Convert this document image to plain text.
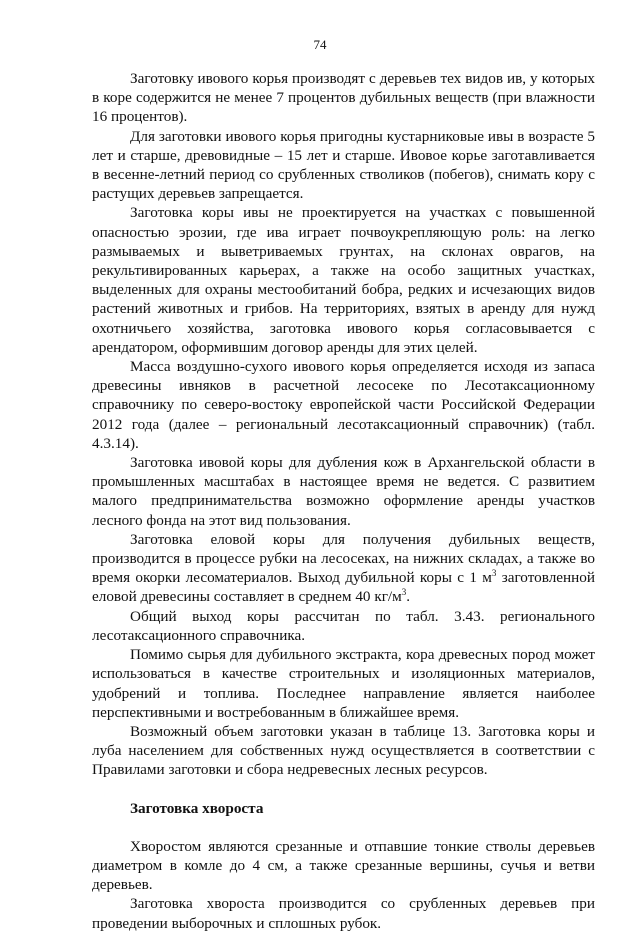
74

Заготовку ивового корья производят с деревьев тех видов ив, у которых в коре содержится не менее 7 процентов дубильных веществ (при влажности 16 процентов).

Для заготовки ивового корья пригодны кустарниковые ивы в возрасте 5 лет и старше, древовидные – 15 лет и старше. Ивовое корье заготавливается в весенне-летний период со срубленных стволиков (побегов), снимать кору с растущих деревьев запрещается.

Заготовка коры ивы не проектируется на участках с повышенной опасностью эрозии, где ива играет почвоукрепляющую роль: на легко размываемых и выветриваемых грунтах, на склонах оврагов, на рекультивированных карьерах, а также на особо защитных участках, выделенных для охраны местообитаний бобра, редких и исчезающих видов растений животных и грибов. На территориях, взятых в аренду для нужд охотничьего хозяйства, заготовка ивового корья согласовывается с арендатором, оформившим договор аренды для этих целей.

Масса воздушно-сухого ивового корья определяется исходя из запаса древесины ивняков в расчетной лесосеке по Лесотаксационному справочнику по северо-востоку европейской части Российской Федерации 2012 года (далее – региональный лесотаксационный справочник) (табл. 4.3.14).

Заготовка ивовой коры для дубления кож в Архангельской области в промышленных масштабах в настоящее время не ведется. С развитием малого предпринимательства возможно оформление аренды участков лесного фонда на этот вид пользования.

Заготовка еловой коры для получения дубильных веществ, производится в процессе рубки на лесосеках, на нижних складах, а также во время окорки лесоматериалов. Выход дубильной коры с 1 $м^3$ заготовленной еловой древесины составляет в среднем 40 $кг/м^3$.

Общий выход коры рассчитан по табл. 3.43. регионального лесотаксационного справочника.

Помимо сырья для дубильного экстракта, кора древесных пород может использоваться в качестве строительных и изоляционных материалов, удобрений и топлива. Последнее направление является наиболее перспективными и востребованным в ближайшее время.

Возможный объем заготовки указан в таблице 13. Заготовка коры и луба населением для собственных нужд осуществляется в соответствии с Правилами заготовки и сбора недревесных лесных ресурсов.

Заготовка хвороста

Хворостом являются срезанные и отпавшие тонкие стволы деревьев диаметром в комле до 4 см, а также срезанные вершины, сучья и ветви деревьев.

Заготовка хвороста производится со срубленных деревьев при проведении выборочных и сплошных рубок.
